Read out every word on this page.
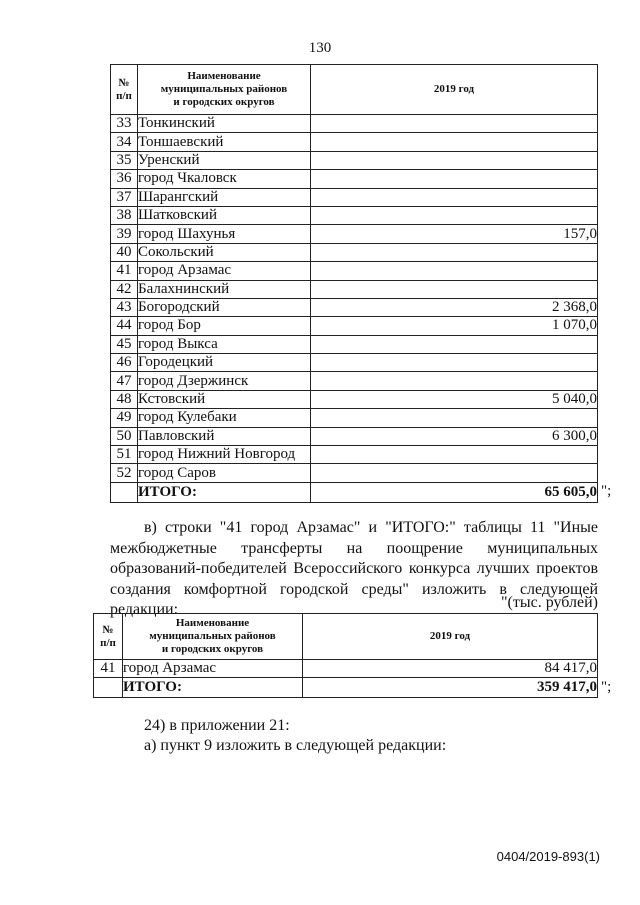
130
№
п/п	Наименование
муниципальных районов
и городских округов	2019 год
33	Тонкинский	
34	Тоншаевский	
35	Уренский	
36	город Чкаловск	
37	Шарангский	
38	Шатковский	
39	город Шахунья	157,0
40	Сокольский	
41	город Арзамас	
42	Балахнинский	
43	Богородский	2 368,0
44	город Бор	1 070,0
45	город Выкса	
46	Городецкий	
47	город Дзержинск	
48	Кстовский	5 040,0
49	город Кулебаки	
50	Павловский	6 300,0
51	город Нижний Новгород	
52	город Саров	
	ИТОГО:	65 605,0 ";
в) строки "41 город Арзамас" и "ИТОГО:" таблицы 11 "Иные межбюджетные трансферты на поощрение муниципальных образований-победителей Всероссийского конкурса лучших проектов создания комфортной городской среды" изложить в следующей редакции:	"(тыс. рублей)
№
п/п	Наименование
муниципальных районов
и городских округов	2019 год
41	город Арзамас	84 417,0
	ИТОГО:	359 417,0 ";
24) в приложении 21:
а) пункт 9 изложить в следующей редакции:
0404/2019-893(1)
